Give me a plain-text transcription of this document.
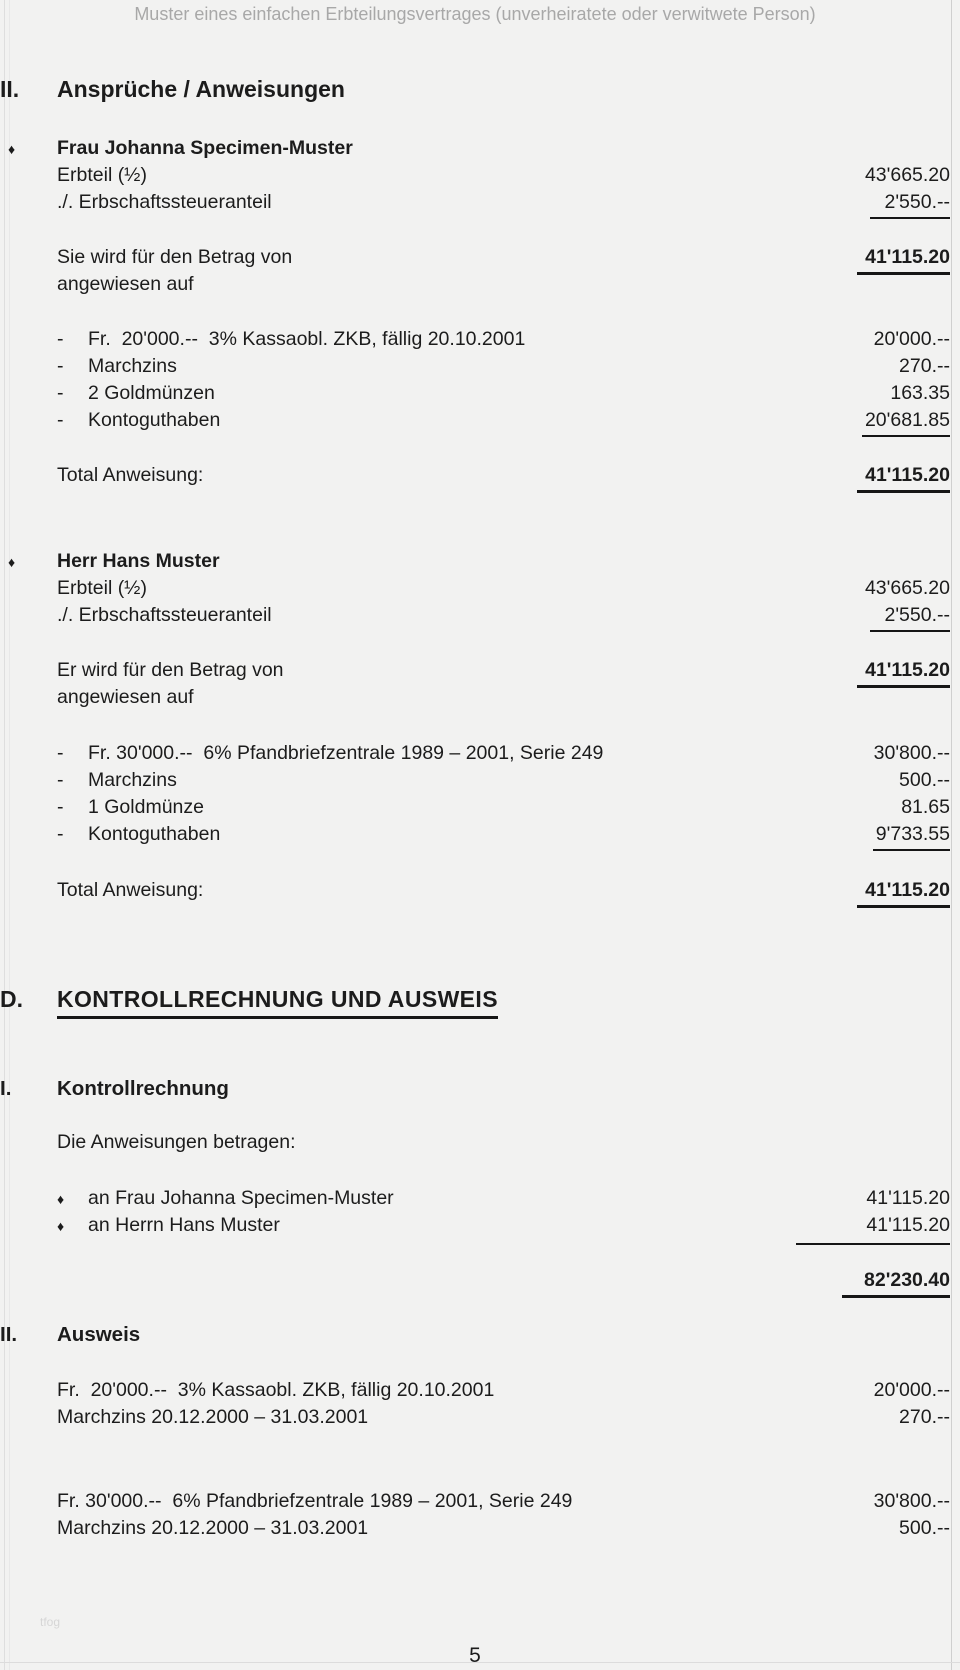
Muster eines einfachen Erbteilungsvertrages (unverheiratete oder verwitwete Person)
II.	Ansprüche / Anweisungen
♦ Frau Johanna Specimen-Muster
Erbteil (½)	43'665.20
./. Erbschaftssteueranteil	2'550.--
Sie wird für den Betrag von	41'115.20
angewiesen auf
-	Fr.  20'000.--  3% Kassaobl. ZKB, fällig 20.10.2001	20'000.--
-	Marchzins	270.--
-	2 Goldmünzen	163.35
-	Kontoguthaben	20'681.85
Total Anweisung:	41'115.20
♦ Herr Hans Muster
Erbteil (½)	43'665.20
./. Erbschaftssteueranteil	2'550.--
Er wird für den Betrag von	41'115.20
angewiesen auf
-	Fr. 30'000.--  6% Pfandbriefzentrale 1989 – 2001, Serie 249	30'800.--
-	Marchzins	500.--
-	1 Goldmünze	81.65
-	Kontoguthaben	9'733.55
Total Anweisung:	41'115.20
D.	KONTROLLRECHNUNG UND AUSWEIS
I.	Kontrollrechnung
Die Anweisungen betragen:
♦	an Frau Johanna Specimen-Muster	41'115.20
♦	an Herrn Hans Muster	41'115.20
82'230.40
II.	Ausweis
Fr.  20'000.--  3% Kassaobl. ZKB, fällig 20.10.2001	20'000.--
Marchzins 20.12.2000 – 31.03.2001	270.--
Fr. 30'000.--  6% Pfandbriefzentrale 1989 – 2001, Serie 249	30'800.--
Marchzins 20.12.2000 – 31.03.2001	500.--
tfog
5
